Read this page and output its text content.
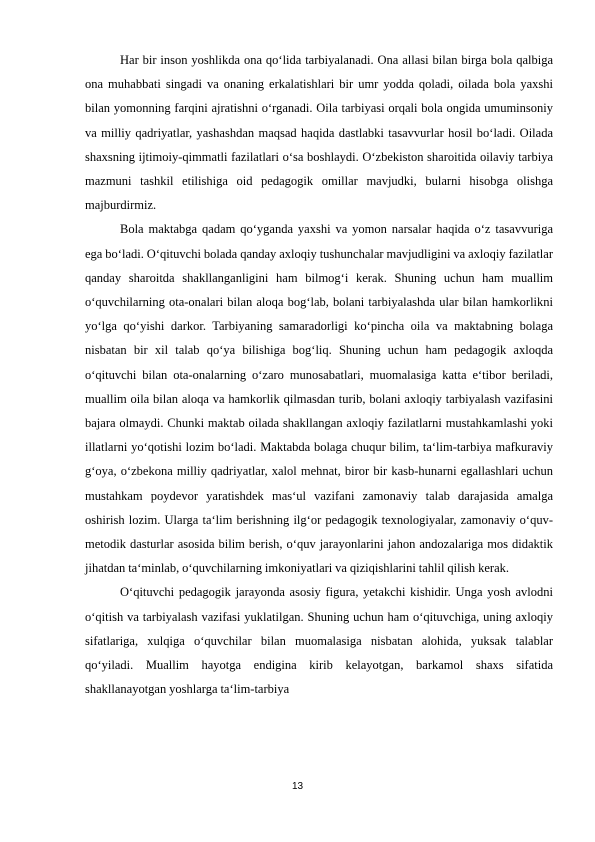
Har bir inson yoshlikda ona qo‘lida tarbiyalanadi. Ona allasi bilan birga bola qalbiga ona muhabbati singadi va onaning erkalatishlari bir umr yodda qoladi, oilada bola yaxshi bilan yomonning farqini ajratishni o‘rganadi. Oila tarbiyasi orqali bola ongida umuminsoniy va milliy qadriyatlar, yashashdan maqsad haqida dastlabki tasavvurlar hosil bo‘ladi. Oilada shaxsning ijtimoiy-qimmatli fazilatlari o‘sa boshlaydi. O‘zbekiston sharoitida oilaviy tarbiya mazmuni tashkil etilishiga oid pedagogik omillar mavjudki, bularni hisobga olishga majburdirmiz.

Bola maktabga qadam qo‘yganda yaxshi va yomon narsalar haqida o‘z tasavvuriga ega bo‘ladi. O‘qituvchi bolada qanday axloqiy tushunchalar mavjudligini va axloqiy fazilatlar qanday sharoitda shakllanganligini ham bilmog‘i kerak. Shuning uchun ham muallim o‘quvchilarning ota-onalari bilan aloqa bog‘lab, bolani tarbiyalashda ular bilan hamkorlikni yo‘lga qo‘yishi darkor. Tarbiyaning samaradorligi ko‘pincha oila va maktabning bolaga nisbatan bir xil talab qo‘ya bilishiga bog‘liq. Shuning uchun ham pedagogik axloqda o‘qituvchi bilan ota-onalarning o‘zaro munosabatlari, muomalasiga katta e‘tibor beriladi, muallim oila bilan aloqa va hamkorlik qilmasdan turib, bolani axloqiy tarbiyalash vazifasini bajara olmaydi. Chunki maktab oilada shakllangan axloqiy fazilatlarni mustahkamlashi yoki illatlarni yo‘qotishi lozim bo‘ladi. Maktabda bolaga chuqur bilim, ta‘lim-tarbiya mafkuraviy g‘oya, o‘zbekona milliy qadriyatlar, xalol mehnat, biror bir kasb-hunarni egallashlari uchun mustahkam poydevor yaratishdek mas‘ul vazifani zamonaviy talab darajasida amalga oshirish lozim. Ularga ta‘lim berishning ilg‘or pedagogik texnologiyalar, zamonaviy o‘quv-metodik dasturlar asosida bilim berish, o‘quv jarayonlarini jahon andozalariga mos didaktik jihatdan ta‘minlab, o‘quvchilarning imkoniyatlari va qiziqishlarini tahlil qilish kerak.

O‘qituvchi pedagogik jarayonda asosiy figura, yetakchi kishidir. Unga yosh avlodni o‘qitish va tarbiyalash vazifasi yuklatilgan. Shuning uchun ham o‘qituvchiga, uning axloqiy sifatlariga, xulqiga o‘quvchilar bilan muomalasiga nisbatan alohida, yuksak talablar qo‘yiladi. Muallim hayotga endigina kirib kelayotgan, barkamol shaxs sifatida shakllanayotgan yoshlarga ta‘lim-tarbiya

13
